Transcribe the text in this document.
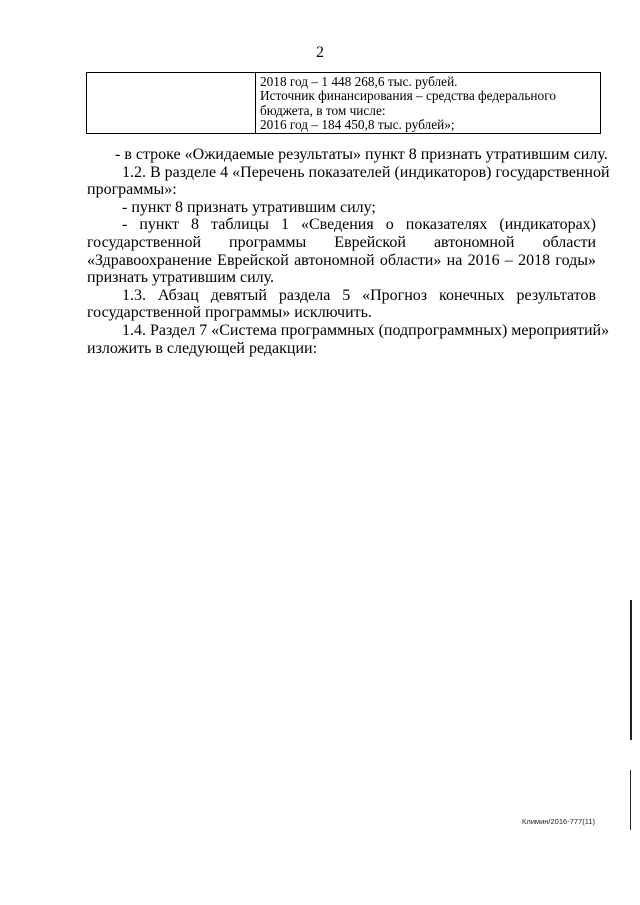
2

2018 год – 1 448 268,6 тыс. рублей.
Источник финансирования – средства федерального
бюджета, в том числе:
2016 год – 184 450,8 тыс. рублей»;

- в строке «Ожидаемые результаты» пункт 8 признать утратившим силу.

1.2. В разделе 4 «Перечень показателей (индикаторов) государственной

программы»:

- пункт 8 признать утратившим силу;

- пункт 8 таблицы 1 «Сведения о показателях (индикаторах)

государственной программы Еврейской автономной области

«Здравоохранение Еврейской автономной области» на 2016 – 2018 годы»

признать утратившим силу.

1.3. Абзац девятый раздела 5 «Прогноз конечных результатов

государственной программы» исключить.

1.4. Раздел 7 «Система программных (подпрограммных) мероприятий»

изложить в следующей редакции:

Климин/2016-777(11)
